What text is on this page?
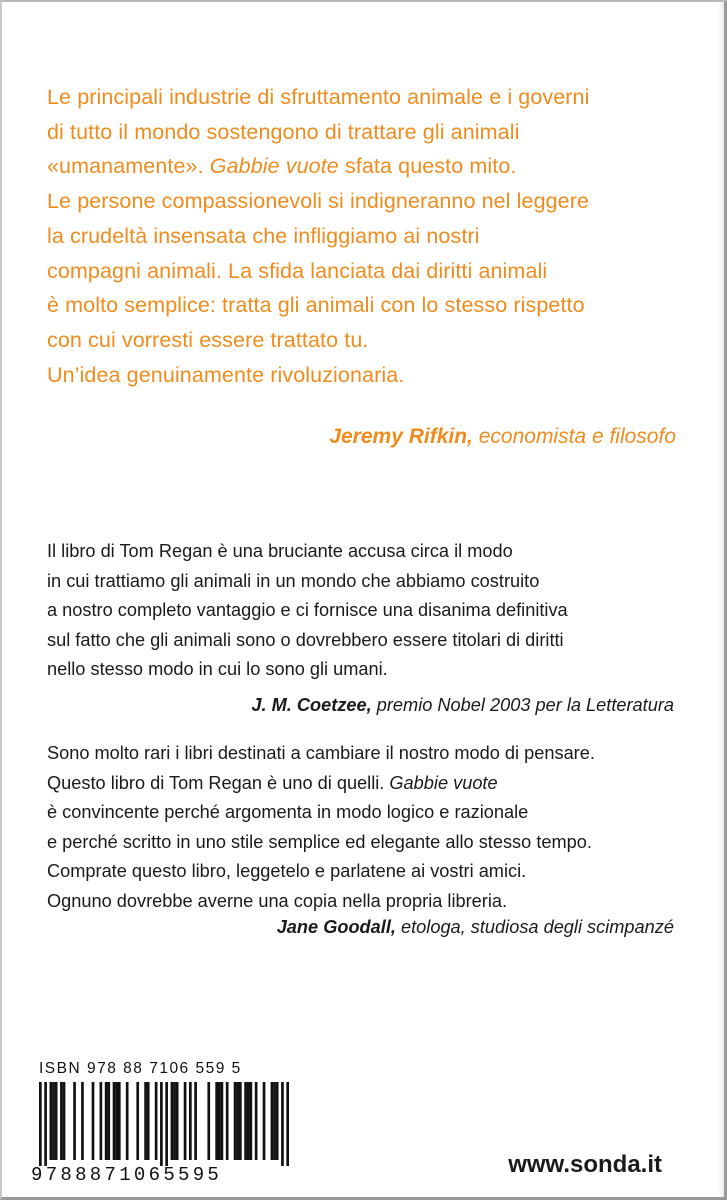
Le principali industrie di sfruttamento animale e i governi
di tutto il mondo sostengono di trattare gli animali
«umanamente». Gabbie vuote sfata questo mito.
Le persone compassionevoli si indigneranno nel leggere
la crudeltà insensata che infliggiamo ai nostri
compagni animali. La sfida lanciata dai diritti animali
è molto semplice: tratta gli animali con lo stesso rispetto
con cui vorresti essere trattato tu.
Un’idea genuinamente rivoluzionaria.
Jeremy Rifkin, economista e filosofo
Il libro di Tom Regan è una bruciante accusa circa il modo
in cui trattiamo gli animali in un mondo che abbiamo costruito
a nostro completo vantaggio e ci fornisce una disanima definitiva
sul fatto che gli animali sono o dovrebbero essere titolari di diritti
nello stesso modo in cui lo sono gli umani.
J. M. Coetzee, premio Nobel 2003 per la Letteratura
Sono molto rari i libri destinati a cambiare il nostro modo di pensare.
Questo libro di Tom Regan è uno di quelli. Gabbie vuote
è convincente perché argomenta in modo logico e razionale
e perché scritto in uno stile semplice ed elegante allo stesso tempo.
Comprate questo libro, leggetelo e parlatene ai vostri amici.
Ognuno dovrebbe averne una copia nella propria libreria.
Jane Goodall, etologa, studiosa degli scimpanzé
ISBN 978 88 7106 559 5
9788871065595	www.sonda.it
